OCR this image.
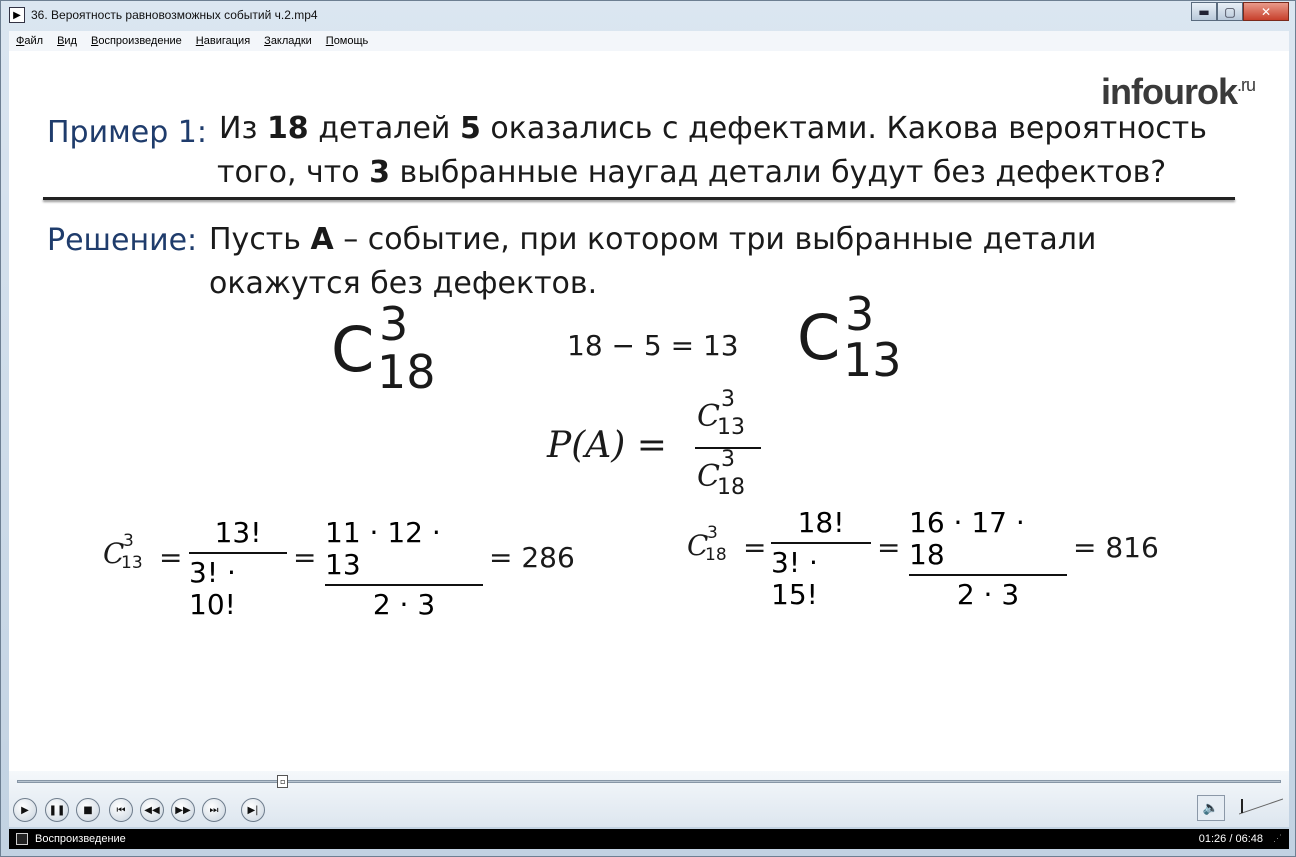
▶ 36. Вероятность равновозможных событий ч.2.mp4	▬	▢	✕
Файл Вид Воспроизведение Навигация Закладки Помощь
infourok$^{.ru}$
Пример 1: Из 18 деталей 5 оказались с дефектами. Какова вероятность
того, что 3 выбранные наугад детали будут без дефектов?
Решение: Пусть А – событие, при котором три выбранные детали
окажутся без дефектов.
C 3
18	18 − 5 = 13 C 3
13
P(A) =
C 3
13
C 3
18
C
3
13 =
13!
3! · 10!
=
11 · 12 · 13
2 · 3
= 286	C
3
18 =
18!
3! · 15!
=
16 · 17 · 18
2 · 3
= 816
▫
▶	❚❚	■	⏮	◀◀	▶▶	⏭	▶|	🔈
Воспроизведение	01:26 / 06:48 ⋰
